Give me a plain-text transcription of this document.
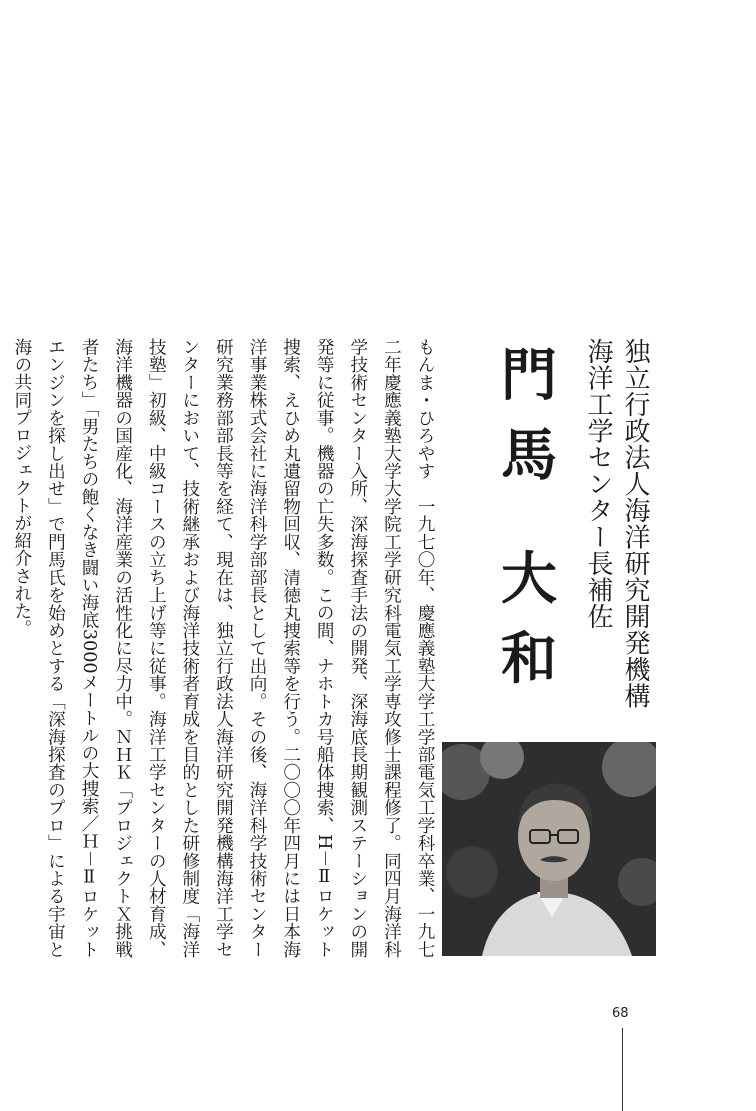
独立行政法人海洋研究開発機構
海洋工学センター長補佐
門馬 大和

もんま・ひろやす　一九七〇年、慶應義塾大学工学部電気工学科卒業、一九七二年慶應義塾大学大学院工学研究科電気工学専攻修士課程修了。同四月海洋科学技術センター入所、深海探査手法の開発、深海底長期観測ステーションの開発等に従事。機器の亡失多数。この間、ナホトカ号船体捜索、H－Ⅱロケット捜索、えひめ丸遺留物回収、清徳丸捜索等を行う。二〇〇〇年四月には日本海洋事業株式会社に海洋科学部部長として出向。その後、海洋科学技術センター研究業務部部長等を経て、現在は、独立行政法人海洋研究開発機構海洋工学センターにおいて、技術継承および海洋技術者育成を目的とした研修制度「海洋技塾」初級、中級コースの立ち上げ等に従事。海洋工学センターの人材育成、海洋機器の国産化、海洋産業の活性化に尽力中。ＮＨＫ「プロジェクトＸ挑戦者たち」「男たちの飽くなき闘い海底3000メートルの大捜索／Ｈ－Ⅱロケットエンジンを探し出せ」で門馬氏を始めとする「深海探査のプロ」による宇宙と海の共同プロジェクトが紹介された。

68
